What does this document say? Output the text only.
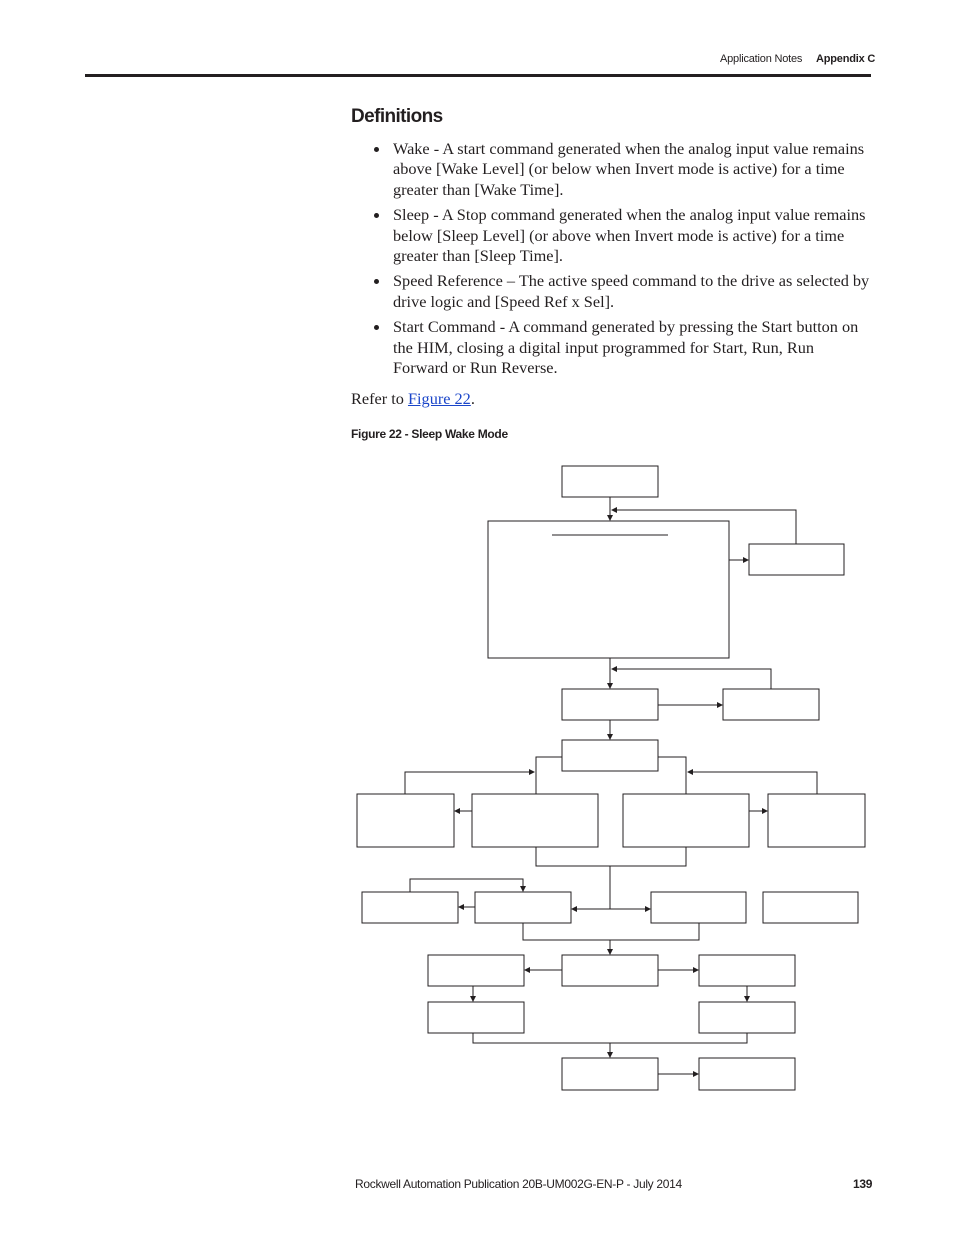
Application Notes Appendix C
Definitions
Wake - A start command generated when the analog input value remains above [Wake Level] (or below when Invert mode is active) for a time greater than [Wake Time].
Sleep - A Stop command generated when the analog input value remains below [Sleep Level] (or above when Invert mode is active) for a time greater than [Sleep Time].
Speed Reference – The active speed command to the drive as selected by drive logic and [Speed Ref x Sel].
Start Command - A command generated by pressing the Start button on the HIM, closing a digital input programmed for Start, Run, Run Forward or Run Reverse.
Refer to Figure 22.
Figure 22 - Sleep Wake Mode
Rockwell Automation Publication 20B-UM002G-EN-P - July 2014	139
